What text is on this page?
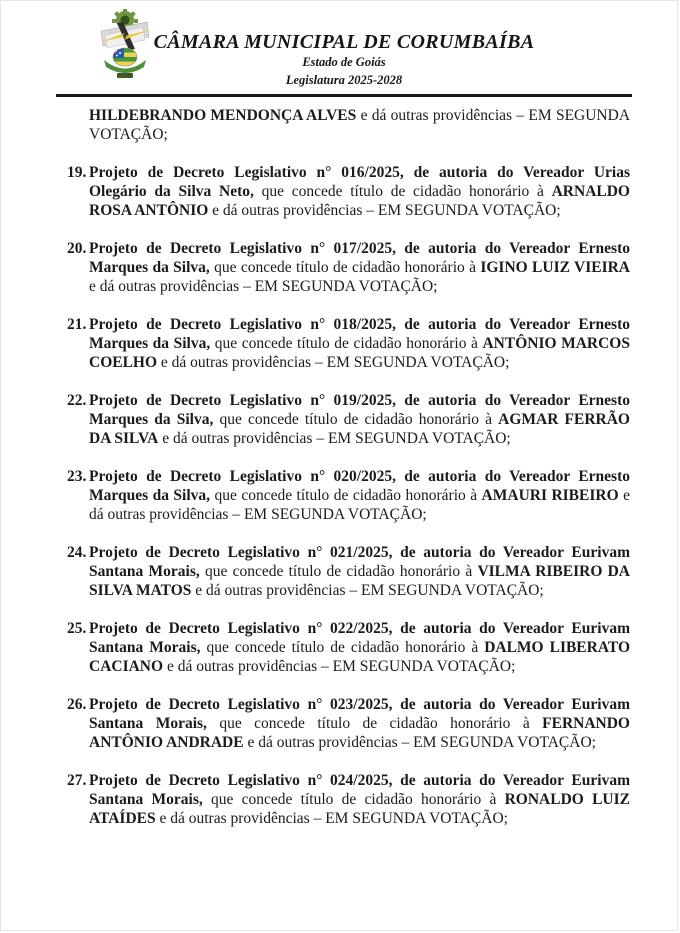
CÂMARA MUNICIPAL DE CORUMBAÍBA
Estado de Goiás
Legislatura 2025-2028

HILDEBRANDO MENDONÇA ALVES e dá outras providências – EM SEGUNDA VOTAÇÃO;

19. Projeto de Decreto Legislativo n° 016/2025, de autoria do Vereador Urias Olegário da Silva Neto, que concede título de cidadão honorário à ARNALDO ROSA ANTÔNIO e dá outras providências – EM SEGUNDA VOTAÇÃO;
20. Projeto de Decreto Legislativo n° 017/2025, de autoria do Vereador Ernesto Marques da Silva, que concede título de cidadão honorário à IGINO LUIZ VIEIRA e dá outras providências – EM SEGUNDA VOTAÇÃO;
21. Projeto de Decreto Legislativo n° 018/2025, de autoria do Vereador Ernesto Marques da Silva, que concede título de cidadão honorário à ANTÔNIO MARCOS COELHO e dá outras providências – EM SEGUNDA VOTAÇÃO;
22. Projeto de Decreto Legislativo n° 019/2025, de autoria do Vereador Ernesto Marques da Silva, que concede título de cidadão honorário à AGMAR FERRÃO DA SILVA e dá outras providências – EM SEGUNDA VOTAÇÃO;
23. Projeto de Decreto Legislativo n° 020/2025, de autoria do Vereador Ernesto Marques da Silva, que concede título de cidadão honorário à AMAURI RIBEIRO e dá outras providências – EM SEGUNDA VOTAÇÃO;
24. Projeto de Decreto Legislativo n° 021/2025, de autoria do Vereador Eurivam Santana Morais, que concede título de cidadão honorário à VILMA RIBEIRO DA SILVA MATOS e dá outras providências – EM SEGUNDA VOTAÇÃO;
25. Projeto de Decreto Legislativo n° 022/2025, de autoria do Vereador Eurivam Santana Morais, que concede título de cidadão honorário à DALMO LIBERATO CACIANO e dá outras providências – EM SEGUNDA VOTAÇÃO;
26. Projeto de Decreto Legislativo n° 023/2025, de autoria do Vereador Eurivam Santana Morais, que concede título de cidadão honorário à FERNANDO ANTÔNIO ANDRADE e dá outras providências – EM SEGUNDA VOTAÇÃO;
27. Projeto de Decreto Legislativo n° 024/2025, de autoria do Vereador Eurivam Santana Morais, que concede título de cidadão honorário à RONALDO LUIZ ATAÍDES e dá outras providências – EM SEGUNDA VOTAÇÃO;
